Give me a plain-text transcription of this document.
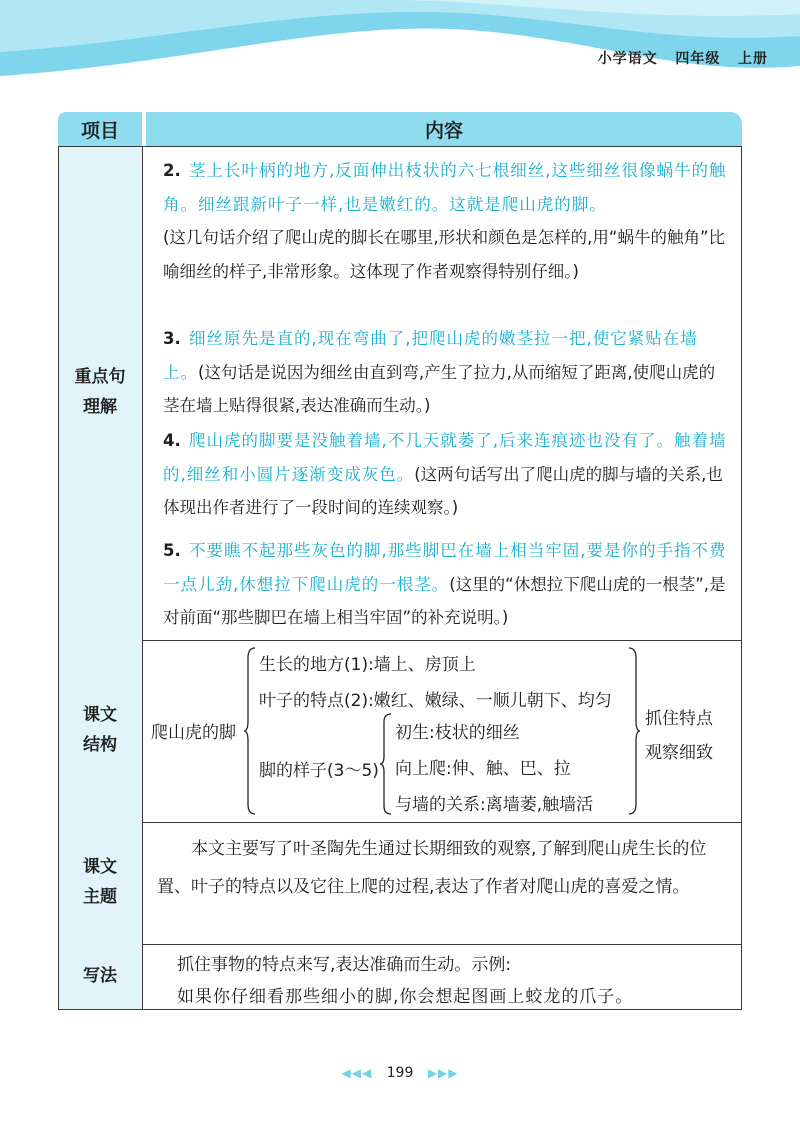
小学语文   四年级   上册
项目	内容
重点句
理解
2. 茎上长叶柄的地方,反面伸出枝状的六七根细丝,这些细丝很像蜗牛的触角。细丝跟新叶子一样,也是嫩红的。这就是爬山虎的脚。
(这几句话介绍了爬山虎的脚长在哪里,形状和颜色是怎样的,用“蜗牛的触角”比喻细丝的样子,非常形象。这体现了作者观察得特别仔细。)
3. 细丝原先是直的,现在弯曲了,把爬山虎的嫩茎拉一把,使它紧贴在墙上。(这句话是说因为细丝由直到弯,产生了拉力,从而缩短了距离,使爬山虎的茎在墙上贴得很紧,表达准确而生动。)
4. 爬山虎的脚要是没触着墙,不几天就萎了,后来连痕迹也没有了。触着墙的,细丝和小圆片逐渐变成灰色。(这两句话写出了爬山虎的脚与墙的关系,也体现出作者进行了一段时间的连续观察。)
5. 不要瞧不起那些灰色的脚,那些脚巴在墙上相当牢固,要是你的手指不费一点儿劲,休想拉下爬山虎的一根茎。(这里的“休想拉下爬山虎的一根茎”,是对前面“那些脚巴在墙上相当牢固”的补充说明。)
课文
结构
爬山虎的脚
生长的地方(1):墙上、房顶上
叶子的特点(2):嫩红、嫩绿、一顺儿朝下、均匀
脚的样子(3～5)
初生:枝状的细丝
向上爬:伸、触、巴、拉
与墙的关系:离墙萎,触墙活
抓住特点
观察细致
课文
主题
本文主要写了叶圣陶先生通过长期细致的观察,了解到爬山虎生长的位置、叶子的特点以及它往上爬的过程,表达了作者对爬山虎的喜爱之情。
写法
抓住事物的特点来写,表达准确而生动。示例:
如果你仔细看那些细小的脚,你会想起图画上蛟龙的爪子。
◀◀◀ 199 ▶▶▶
